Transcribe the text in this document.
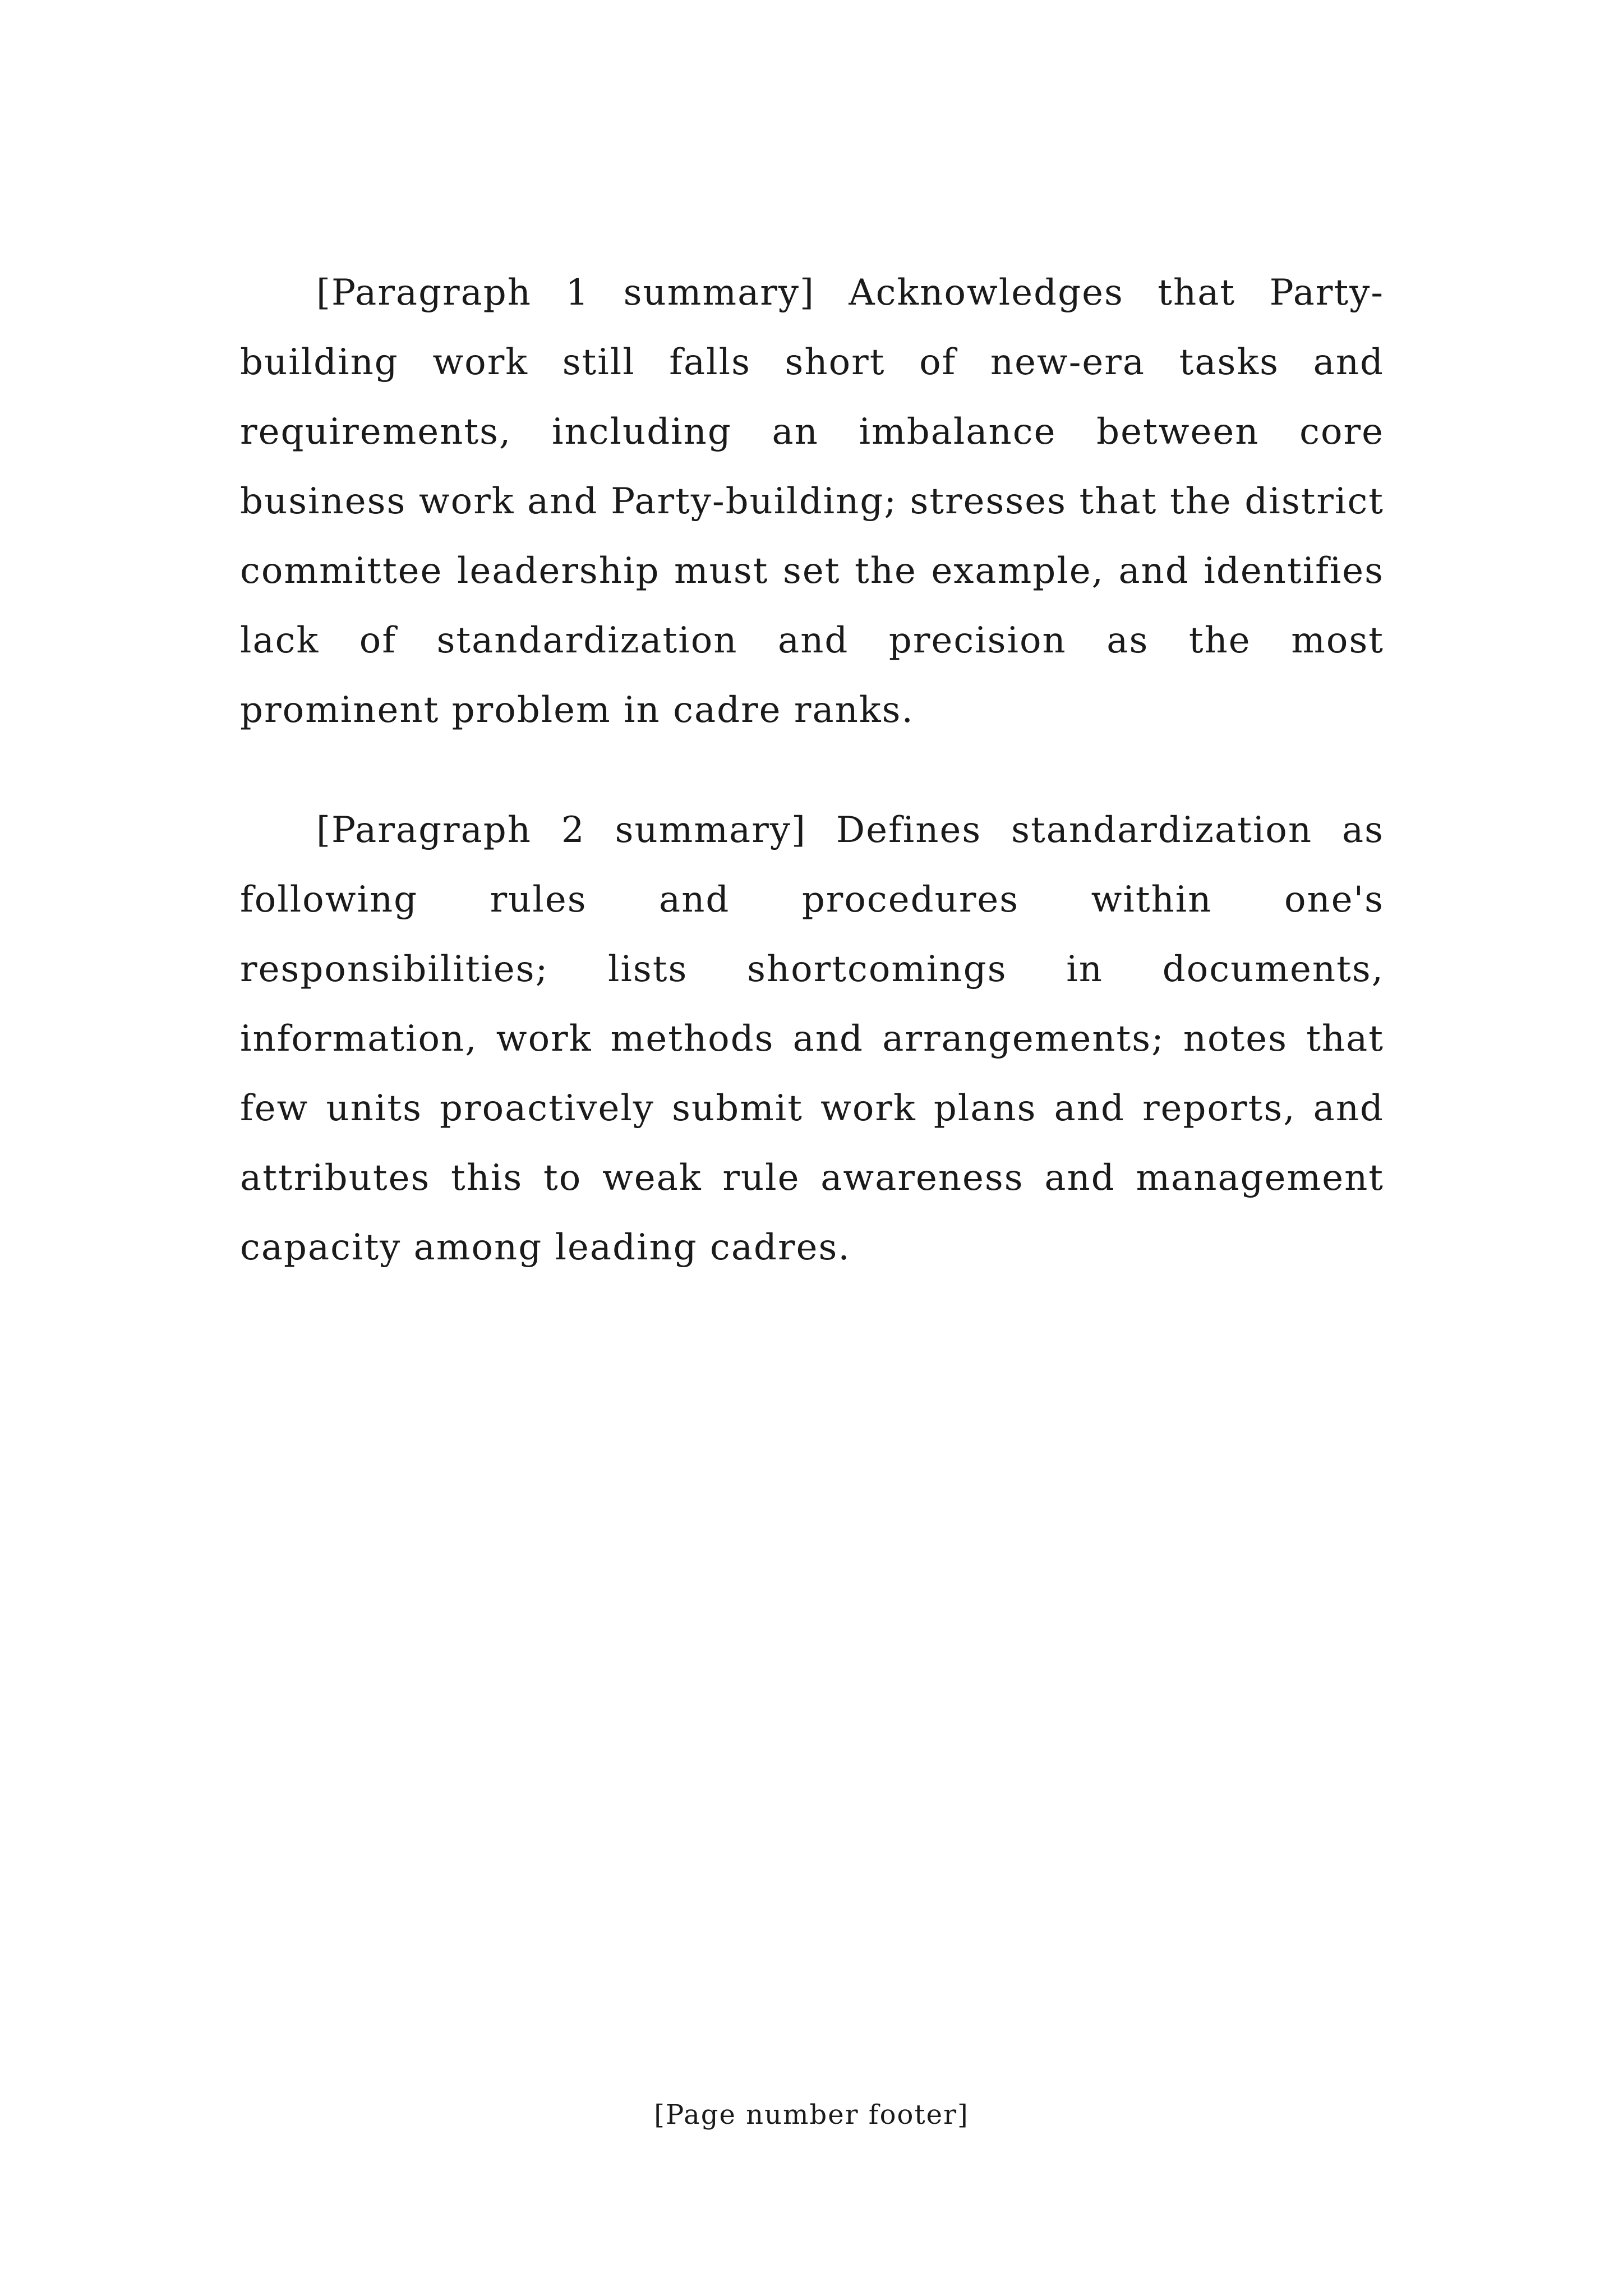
[Paragraph 1 summary] Acknowledges that Party-building work still falls short of new-era tasks and requirements, including an imbalance between core business work and Party-building; stresses that the district committee leadership must set the example, and identifies lack of standardization and precision as the most prominent problem in cadre ranks.

[Paragraph 2 summary] Defines standardization as following rules and procedures within one's responsibilities; lists shortcomings in documents, information, work methods and arrangements; notes that few units proactively submit work plans and reports, and attributes this to weak rule awareness and management capacity among leading cadres.

[Page number footer]
